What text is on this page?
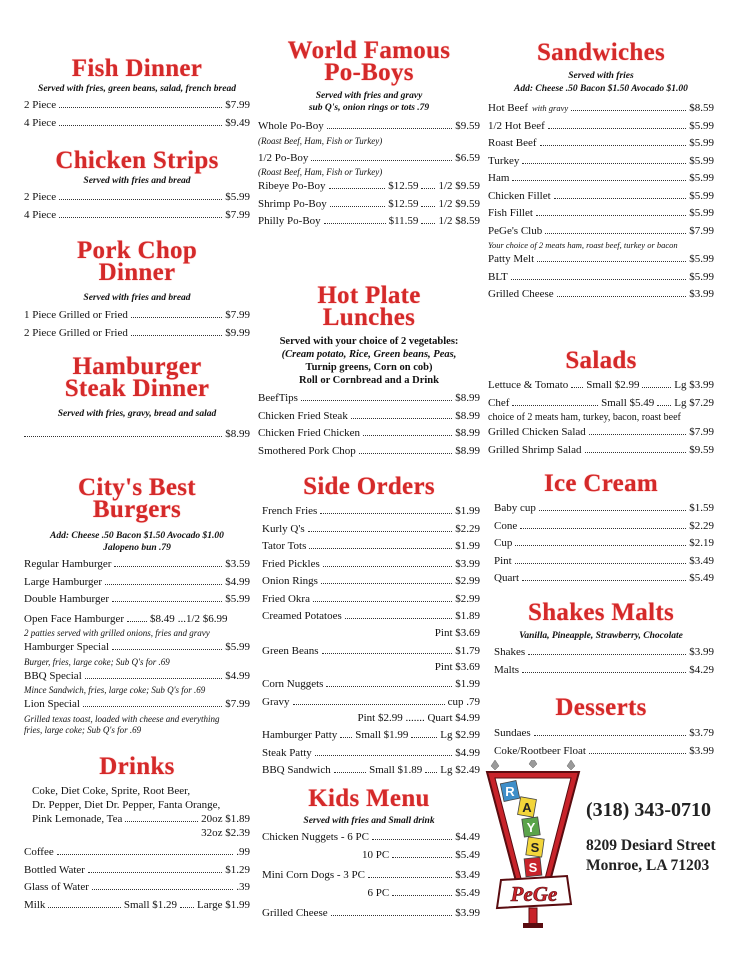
Fish Dinner
Served with fries, green beans, salad, french bread
2 Piece	$7.99
4 Piece	$9.49
Chicken Strips
Served with fries and bread
2 Piece	$5.99
4 Piece	$7.99
Pork Chop
Dinner
Served with fries and bread
1 Piece Grilled or Fried	$7.99
2 Piece Grilled or Fried	$9.99
Hamburger
Steak Dinner
Served with fries, gravy, bread and salad
$8.99
City's Best
Burgers
Add: Cheese .50 Bacon $1.50 Avocado $1.00
Jalopeno bun .79
Regular Hamburger	$3.59
Large Hamburger	$4.99
Double Hamburger	$5.99
Open Face Hamburger $8.49 ...1/2 $6.99
2 patties served with grilled onions, fries and gravy
Hamburger Special	$5.99
Burger, fries, large coke; Sub Q's for .69
BBQ Special	$4.99
Mince Sandwich, fries, large coke; Sub Q's for .69
Lion Special	$7.99
Grilled texas toast, loaded with cheese and everything
fries, large coke; Sub Q's for .69
Drinks
Coke, Diet Coke, Sprite, Root Beer,
Dr. Pepper, Diet Dr. Pepper, Fanta Orange,
Pink Lemonade, Tea	20oz $1.89
32oz $2.39
Coffee	.99
Bottled Water	$1.29
Glass of Water	.39
Milk	Small $1.29 Large $1.99
World Famous
Po-Boys
Served with fries and gravy
sub Q's, onion rings or tots .79
Whole Po-Boy	$9.59
(Roast Beef, Ham, Fish or Turkey)
1/2 Po-Boy	$6.59
(Roast Beef, Ham, Fish or Turkey)
Ribeye Po-Boy	$12.59 1/2 $9.59
Shrimp Po-Boy	$12.59 1/2 $9.59
Philly Po-Boy	$11.59 1/2 $8.59
Hot Plate
Lunches
Served with your choice of 2 vegetables:
(Cream potato, Rice, Green beans, Peas,
Turnip greens, Corn on cob)
Roll or Cornbread and a Drink
BeefTips	$8.99
Chicken Fried Steak	$8.99
Chicken Fried Chicken	$8.99
Smothered Pork Chop	$8.99
Side Orders
French Fries	$1.99
Kurly Q's	$2.29
Tator Tots	$1.99
Fried Pickles	$3.99
Onion Rings	$2.99
Fried Okra	$2.99
Creamed Potatoes	$1.89
Pint $3.69
Green Beans	$1.79
Pint $3.69
Corn Nuggets	$1.99
Gravy	cup .79
Pint $2.99 ....... Quart $4.99
Hamburger Patty Small $1.99	Lg $2.99
Steak Patty	$4.99
BBQ Sandwich	Small $1.89 Lg $2.49
Kids Menu
Served with fries and Small drink
Chicken Nuggets - 6 PC	$4.49
10 PC	$5.49
Mini Corn Dogs - 3 PC	$3.49
6 PC	$5.49
Grilled Cheese	$3.99
Sandwiches
Served with fries
Add: Cheese .50 Bacon $1.50 Avocado $1.00
Hot Beef with gravy	$8.59
1/2 Hot Beef	$5.99
Roast Beef	$5.99
Turkey	$5.99
Ham	$5.99
Chicken Fillet	$5.99
Fish Fillet	$5.99
PeGe's Club	$7.99
Your choice of 2 meats ham, roast beef, turkey or bacon
Patty Melt	$5.99
BLT	$5.99
Grilled Cheese	$3.99
Salads
Lettuce & Tomato Small $2.99	Lg $3.99
Chef	Small $5.49 Lg $7.29
choice of 2 meats ham, turkey, bacon, roast beef
Grilled Chicken Salad	$7.99
Grilled Shrimp Salad	$9.59
Ice Cream
Baby cup	$1.59
Cone	$2.29
Cup	$2.19
Pint	$3.49
Quart	$5.49
Shakes Malts
Vanilla, Pineapple, Strawberry, Chocolate
Shakes	$3.99
Malts	$4.29
Desserts
Sundaes	$3.79
Coke/Rootbeer Float	$3.99
R
A
Y
S
S
PeGe
(318) 343-0710
8209 Desiard Street
Monroe, LA 71203
